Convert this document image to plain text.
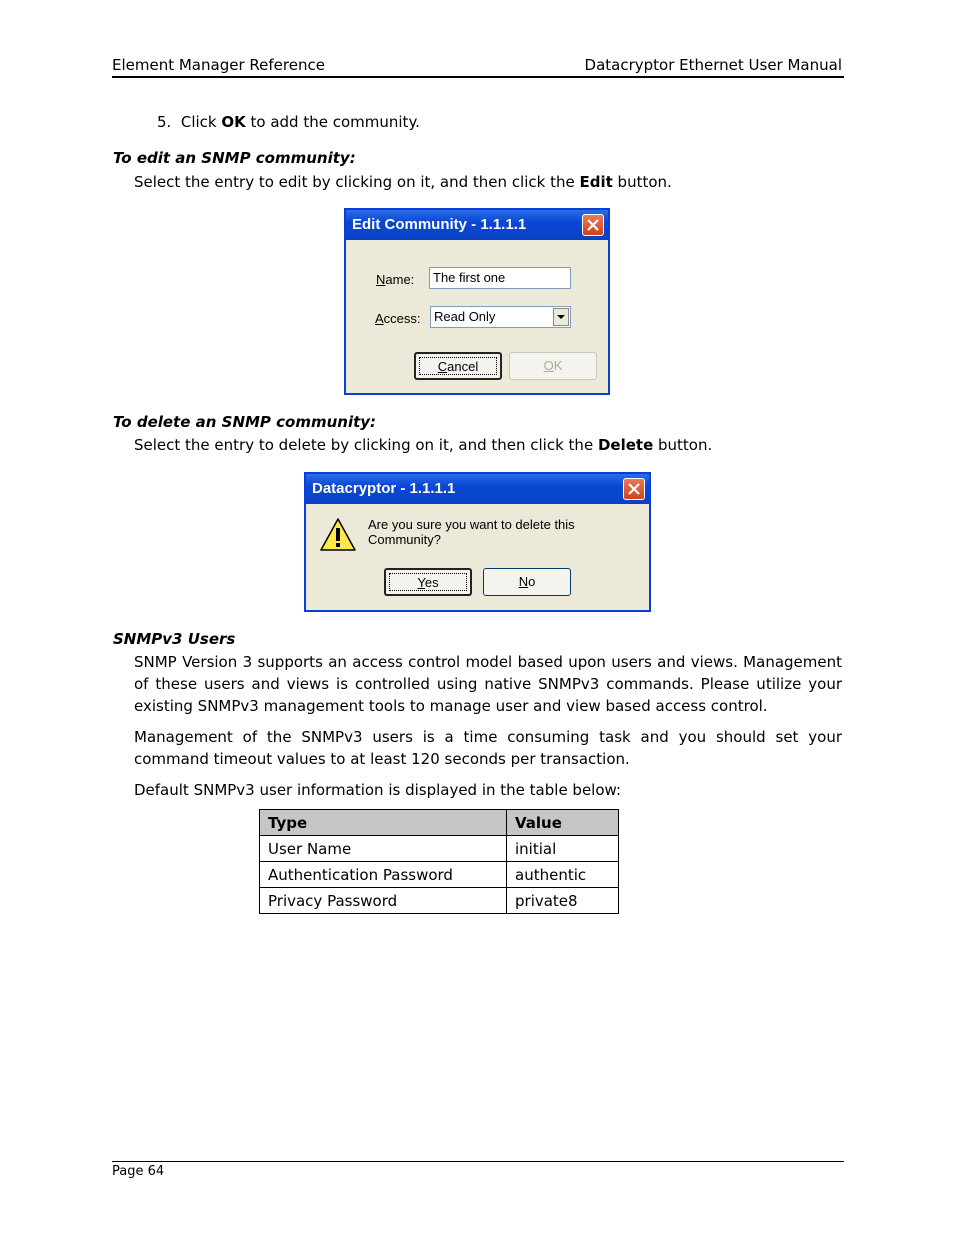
Element Manager Reference	Datacryptor Ethernet User Manual
5. Click OK to add the community.
To edit an SNMP community:
Select the entry to edit by clicking on it, and then click the Edit button.
Edit Community - 1.1.1.1
Name:	The first one
Access:	Read Only
Cancel	OK
To delete an SNMP community:
Select the entry to delete by clicking on it, and then click the Delete button.
Datacryptor - 1.1.1.1
Are you sure you want to delete this Community?
Yes	No
SNMPv3 Users
SNMP Version 3 supports an access control model based upon users and views. Management of these users and views is controlled using native SNMPv3 commands. Please utilize your existing SNMPv3 management tools to manage user and view based access control.
Management of the SNMPv3 users is a time consuming task and you should set your command timeout values to at least 120 seconds per transaction.
Default SNMPv3 user information is displayed in the table below:
Type	Value
User Name	initial
Authentication Password	authentic
Privacy Password	private8
Page 64
